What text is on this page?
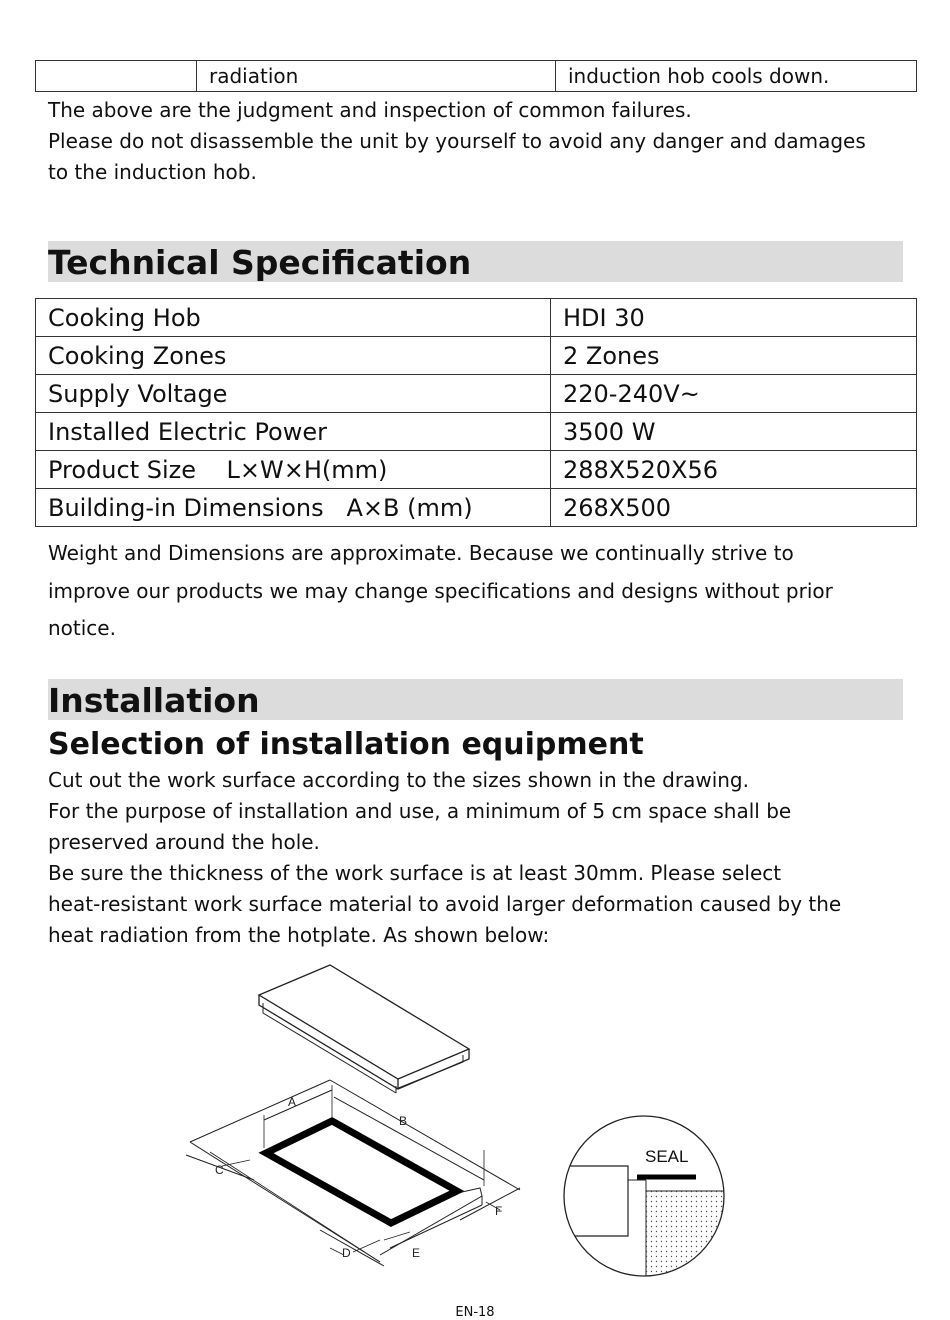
	radiation	induction hob cools down.
The above are the judgment and inspection of common failures.
Please do not disassemble the unit by yourself to avoid any danger and damages
to the induction hob.
Technical Specification
Cooking Hob	HDI 30
Cooking Zones	2 Zones
Supply Voltage	220-240V~
Installed Electric Power	3500 W
Product Size    L×W×H(mm)	288X520X56
Building-in Dimensions   A×B (mm)	268X500
Weight and Dimensions are approximate. Because we continually strive to
improve our products we may change specifications and designs without prior
notice.
Installation
Selection of installation equipment
Cut out the work surface according to the sizes shown in the drawing.
For the purpose of installation and use, a minimum of 5 cm space shall be
preserved around the hole.
Be sure the thickness of the work surface is at least 30mm. Please select
heat-resistant work surface material to avoid larger deformation caused by the
heat radiation from the hotplate. As shown below:
A
B
C
D	E
F
SEAL
EN-18
